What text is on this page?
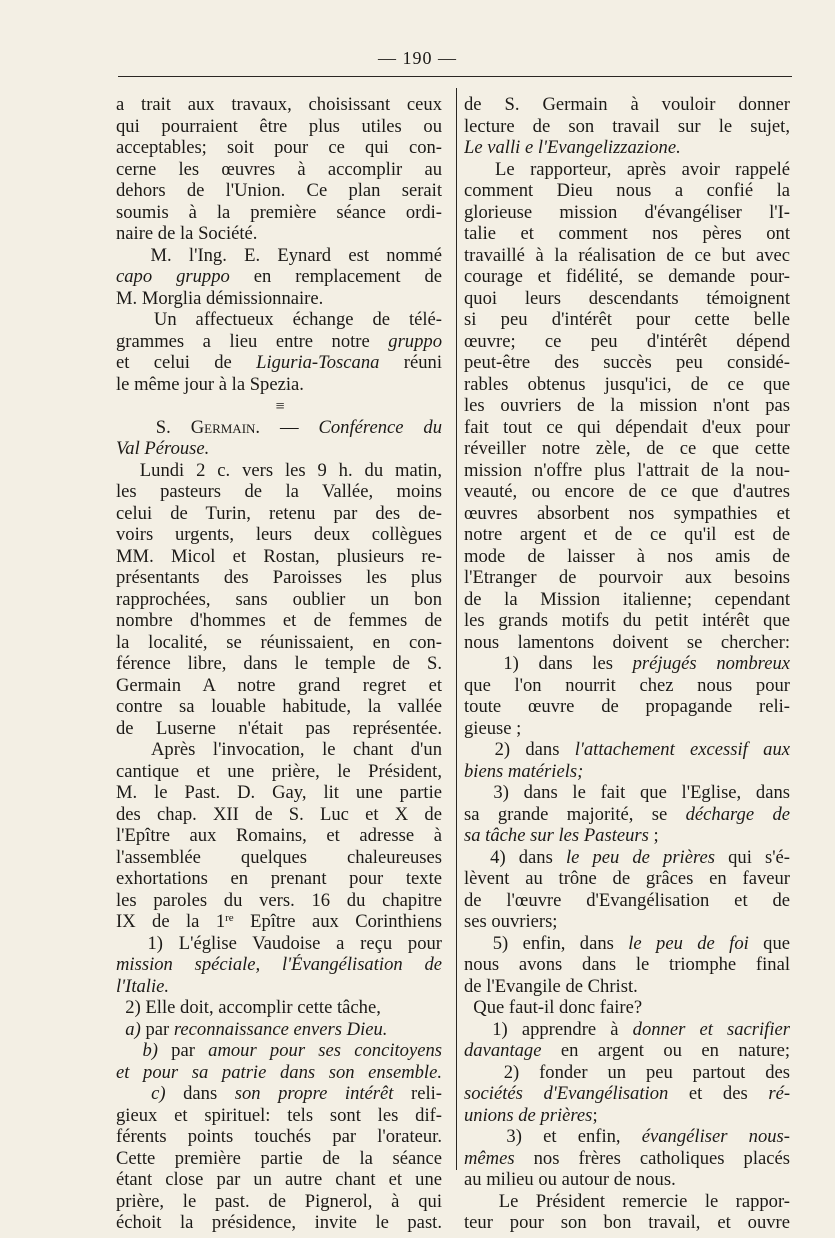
— 190 —
a trait aux travaux, choisissant ceux
qui pourraient être plus utiles ou
acceptables; soit pour ce qui con-
cerne les œuvres à accomplir au
dehors de l'Union. Ce plan serait
soumis à la première séance ordi-
naire de la Société.
M. l'Ing. E. Eynard est nommé
capo gruppo en remplacement de
M. Morglia démissionnaire.
Un affectueux échange de télé-
grammes a lieu entre notre gruppo
et celui de Liguria-Toscana réuni
le même jour à la Spezia.
≡
S. Germain. — Conférence du
Val Pérouse.
Lundi 2 c. vers les 9 h. du matin,
les pasteurs de la Vallée, moins
celui de Turin, retenu par des de-
voirs urgents, leurs deux collègues
MM. Micol et Rostan, plusieurs re-
présentants des Paroisses les plus
rapprochées, sans oublier un bon
nombre d'hommes et de femmes de
la localité, se réunissaient, en con-
férence libre, dans le temple de S.
Germain A notre grand regret et
contre sa louable habitude, la vallée
de Luserne n'était pas représentée.
Après l'invocation, le chant d'un
cantique et une prière, le Président,
M. le Past. D. Gay, lit une partie
des chap. XII de S. Luc et X de
l'Epître aux Romains, et adresse à
l'assemblée quelques chaleureuses
exhortations en prenant pour texte
les paroles du vers. 16 du chapitre
IX de la 1re Epître aux Corinthiens
1) L'église Vaudoise a reçu pour
mission spéciale, l'Évangélisation de
l'Italie.
2) Elle doit, accomplir cette tâche,
a) par reconnaissance envers Dieu.
b) par amour pour ses concitoyens
et pour sa patrie dans son ensemble.
c) dans son propre intérêt reli-
gieux et spirituel: tels sont les dif-
férents points touchés par l'orateur.
Cette première partie de la séance
étant close par un autre chant et une
prière, le past. de Pignerol, à qui
échoit la présidence, invite le past.
de S. Germain à vouloir donner
lecture de son travail sur le sujet,
Le valli e l'Evangelizzazione.
Le rapporteur, après avoir rappelé
comment Dieu nous a confié la
glorieuse mission d'évangéliser l'I-
talie et comment nos pères ont
travaillé à la réalisation de ce but avec
courage et fidélité, se demande pour-
quoi leurs descendants témoignent
si peu d'intérêt pour cette belle
œuvre; ce peu d'intérêt dépend
peut-être des succès peu considé-
rables obtenus jusqu'ici, de ce que
les ouvriers de la mission n'ont pas
fait tout ce qui dépendait d'eux pour
réveiller notre zèle, de ce que cette
mission n'offre plus l'attrait de la nou-
veauté, ou encore de ce que d'autres
œuvres absorbent nos sympathies et
notre argent et de ce qu'il est de
mode de laisser à nos amis de
l'Etranger de pourvoir aux besoins
de la Mission italienne; cependant
les grands motifs du petit intérêt que
nous lamentons doivent se chercher:
1) dans les préjugés nombreux
que l'on nourrit chez nous pour
toute œuvre de propagande reli-
gieuse ;
2) dans l'attachement excessif aux
biens matériels;
3) dans le fait que l'Eglise, dans
sa grande majorité, se décharge de
sa tâche sur les Pasteurs ;
4) dans le peu de prières qui s'é-
lèvent au trône de grâces en faveur
de l'œuvre d'Evangélisation et de
ses ouvriers;
5) enfin, dans le peu de foi que
nous avons dans le triomphe final
de l'Evangile de Christ.
Que faut-il donc faire?
1) apprendre à donner et sacrifier
davantage en argent ou en nature;
2) fonder un peu partout des
sociétés d'Evangélisation et des ré-
unions de prières;
3) et enfin, évangéliser nous-
mêmes nos frères catholiques placés
au milieu ou autour de nous.
Le Président remercie le rappor-
teur pour son bon travail, et ouvre
